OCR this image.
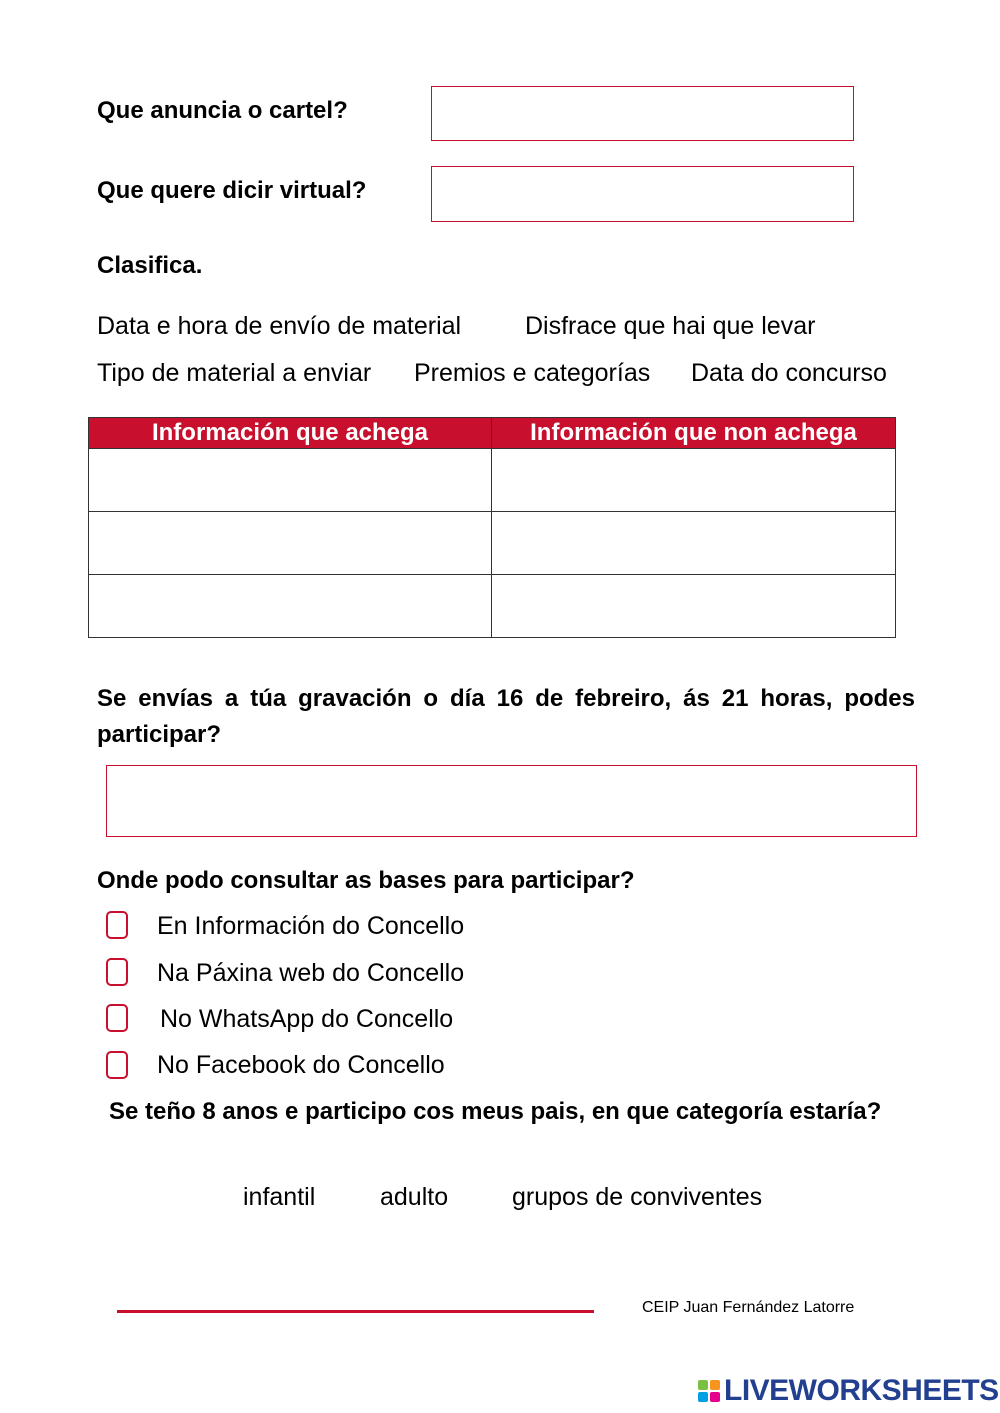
Que anuncia o cartel?
Que quere dicir virtual?
Clasifica.
Data e hora de envío de material	Disfrace que hai que levar
Tipo de material a enviar Premios e categorías Data do concurso
Información que achega	Información que non achega

Se envías a túa gravación o día 16 de febreiro, ás 21 horas, podes participar?
Onde podo consultar as bases para participar?
En Información do Concello
Na Páxina web do Concello
No WhatsApp do Concello
No Facebook do Concello
Se teño 8 anos e participo cos meus pais, en que categoría estaría?
infantil	adulto	grupos de conviventes
CEIP Juan Fernández Latorre
LIVEWORKSHEETS
